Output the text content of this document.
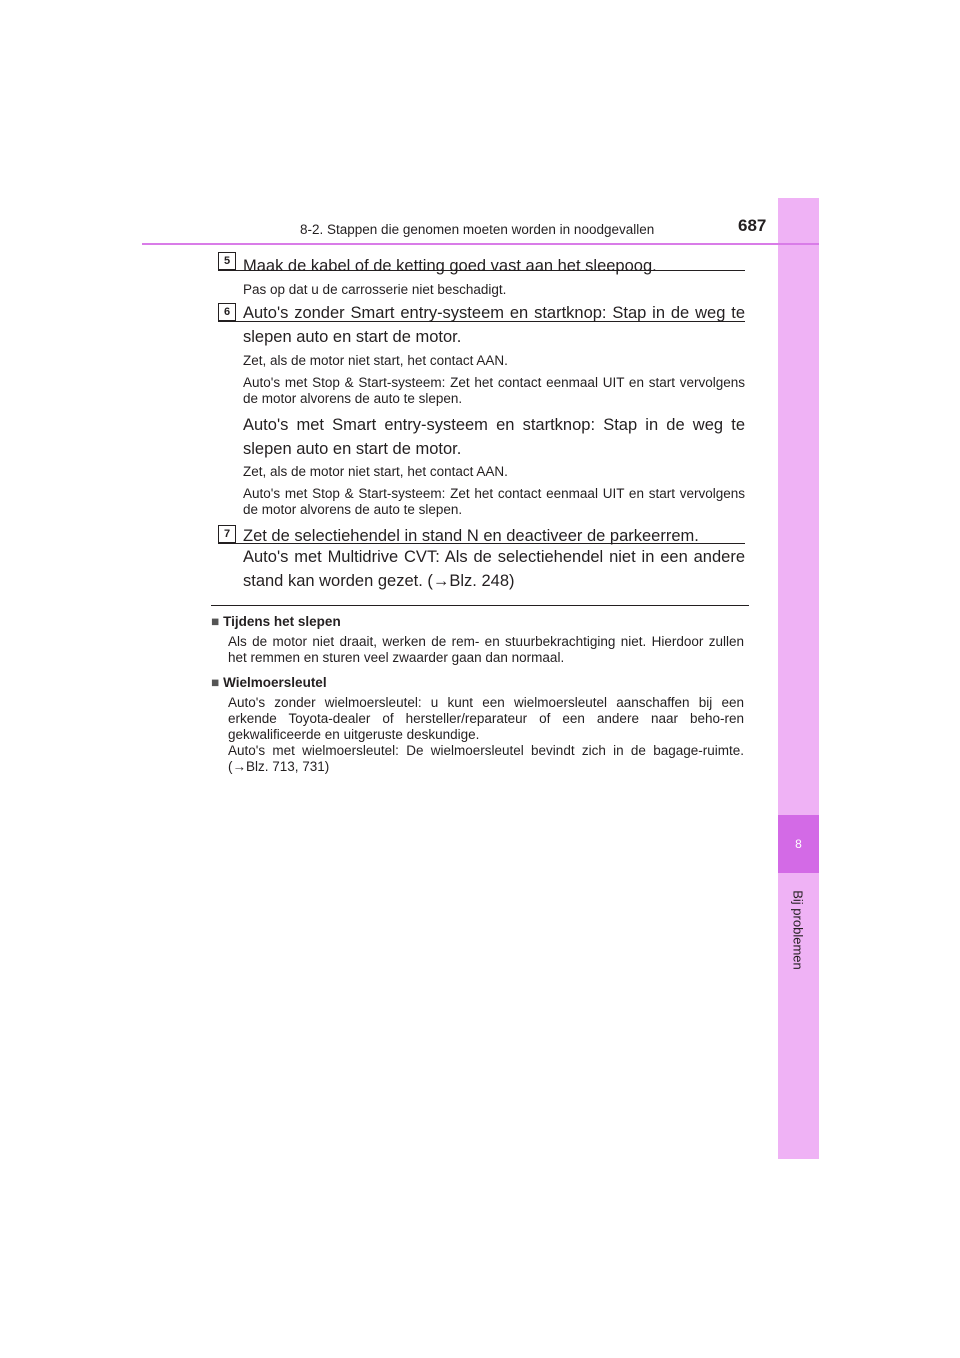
8
Bij problemen
8-2. Stappen die genomen moeten worden in noodgevallen	687
5 Maak de kabel of de ketting goed vast aan het sleepoog.

Pas op dat u de carrosserie niet beschadigt.

6 Auto's zonder Smart entry-systeem en startknop: Stap in de weg te slepen auto en start de motor.

Zet, als de motor niet start, het contact AAN.

Auto's met Stop & Start-systeem: Zet het contact eenmaal UIT en start vervolgens de motor alvorens de auto te slepen.

Auto's met Smart entry-systeem en startknop: Stap in de weg te slepen auto en start de motor.

Zet, als de motor niet start, het contact AAN.

Auto's met Stop & Start-systeem: Zet het contact eenmaal UIT en start vervolgens de motor alvorens de auto te slepen.

7 Zet de selectiehendel in stand N en deactiveer de parkeerrem.

Auto's met Multidrive CVT: Als de selectiehendel niet in een andere stand kan worden gezet. (→Blz. 248)

■ Tijdens het slepen

Als de motor niet draait, werken de rem- en stuurbekrachtiging niet. Hierdoor zullen het remmen en sturen veel zwaarder gaan dan normaal.

■ Wielmoersleutel

Auto's zonder wielmoersleutel: u kunt een wielmoersleutel aanschaffen bij een erkende Toyota-dealer of hersteller/reparateur of een andere naar beho-ren gekwalificeerde en uitgeruste deskundige.

Auto's met wielmoersleutel: De wielmoersleutel bevindt zich in de bagage-ruimte. (→Blz. 713, 731)
